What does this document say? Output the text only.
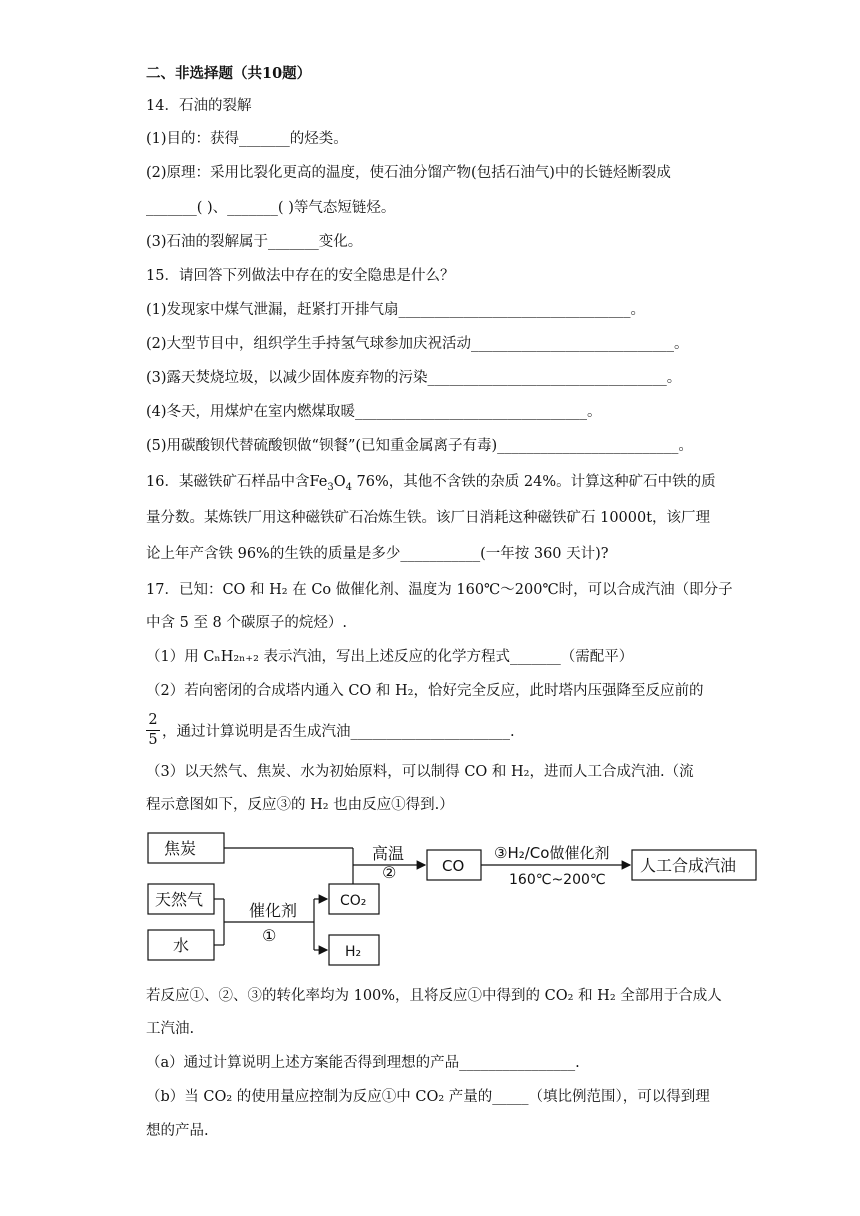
二、非选择题（共10题）
14．石油的裂解
(1)目的：获得_______的烃类。
(2)原理：采用比裂化更高的温度，使石油分馏产物(包括石油气)中的长链烃断裂成
_______( )、_______( )等气态短链烃。
(3)石油的裂解属于_______变化。
15．请回答下列做法中存在的安全隐患是什么？
(1)发现家中煤气泄漏，赶紧打开排气扇________________________________。
(2)大型节目中，组织学生手持氢气球参加庆祝活动____________________________。
(3)露天焚烧垃圾，以减少固体废弃物的污染_________________________________。
(4)冬天，用煤炉在室内燃煤取暖________________________________。
(5)用碳酸钡代替硫酸钡做“钡餐”(已知重金属离子有毒)_________________________。
16．某磁铁矿石样品中含$Fe_3O_4$ 76%，其他不含铁的杂质 24%。计算这种矿石中铁的质
量分数。某炼铁厂用这种磁铁矿石冶炼生铁。该厂日消耗这种磁铁矿石 10000t，该厂理
论上年产含铁 96%的生铁的质量是多少___________(一年按 360 天计)?
17．已知：CO 和 H₂ 在 Co 做催化剂、温度为 160℃～200℃时，可以合成汽油（即分子
中含 5 至 8 个碳原子的烷烃）.
（1）用 CₙH₂ₙ₊₂ 表示汽油，写出上述反应的化学方程式_______（需配平）
（2）若向密闭的合成塔内通入 CO 和 H₂，恰好完全反应，此时塔内压强降至反应前的
2
5 ，通过计算说明是否生成汽油______________________.
（3）以天然气、焦炭、水为初始原料，可以制得 CO 和 H₂，进而人工合成汽油.（流
程示意图如下，反应③的 H₂ 也由反应①得到.）
焦炭
天然气
水
催化剂
①
CO₂
H₂
高温
②	CO
③H₂/Co做催化剂
160℃~200℃
人工合成汽油
若反应①、②、③的转化率均为 100%，且将反应①中得到的 CO₂ 和 H₂ 全部用于合成人
工汽油.
（a）通过计算说明上述方案能否得到理想的产品________________.
（b）当 CO₂ 的使用量应控制为反应①中 CO₂ 产量的_____（填比例范围），可以得到理
想的产品.
